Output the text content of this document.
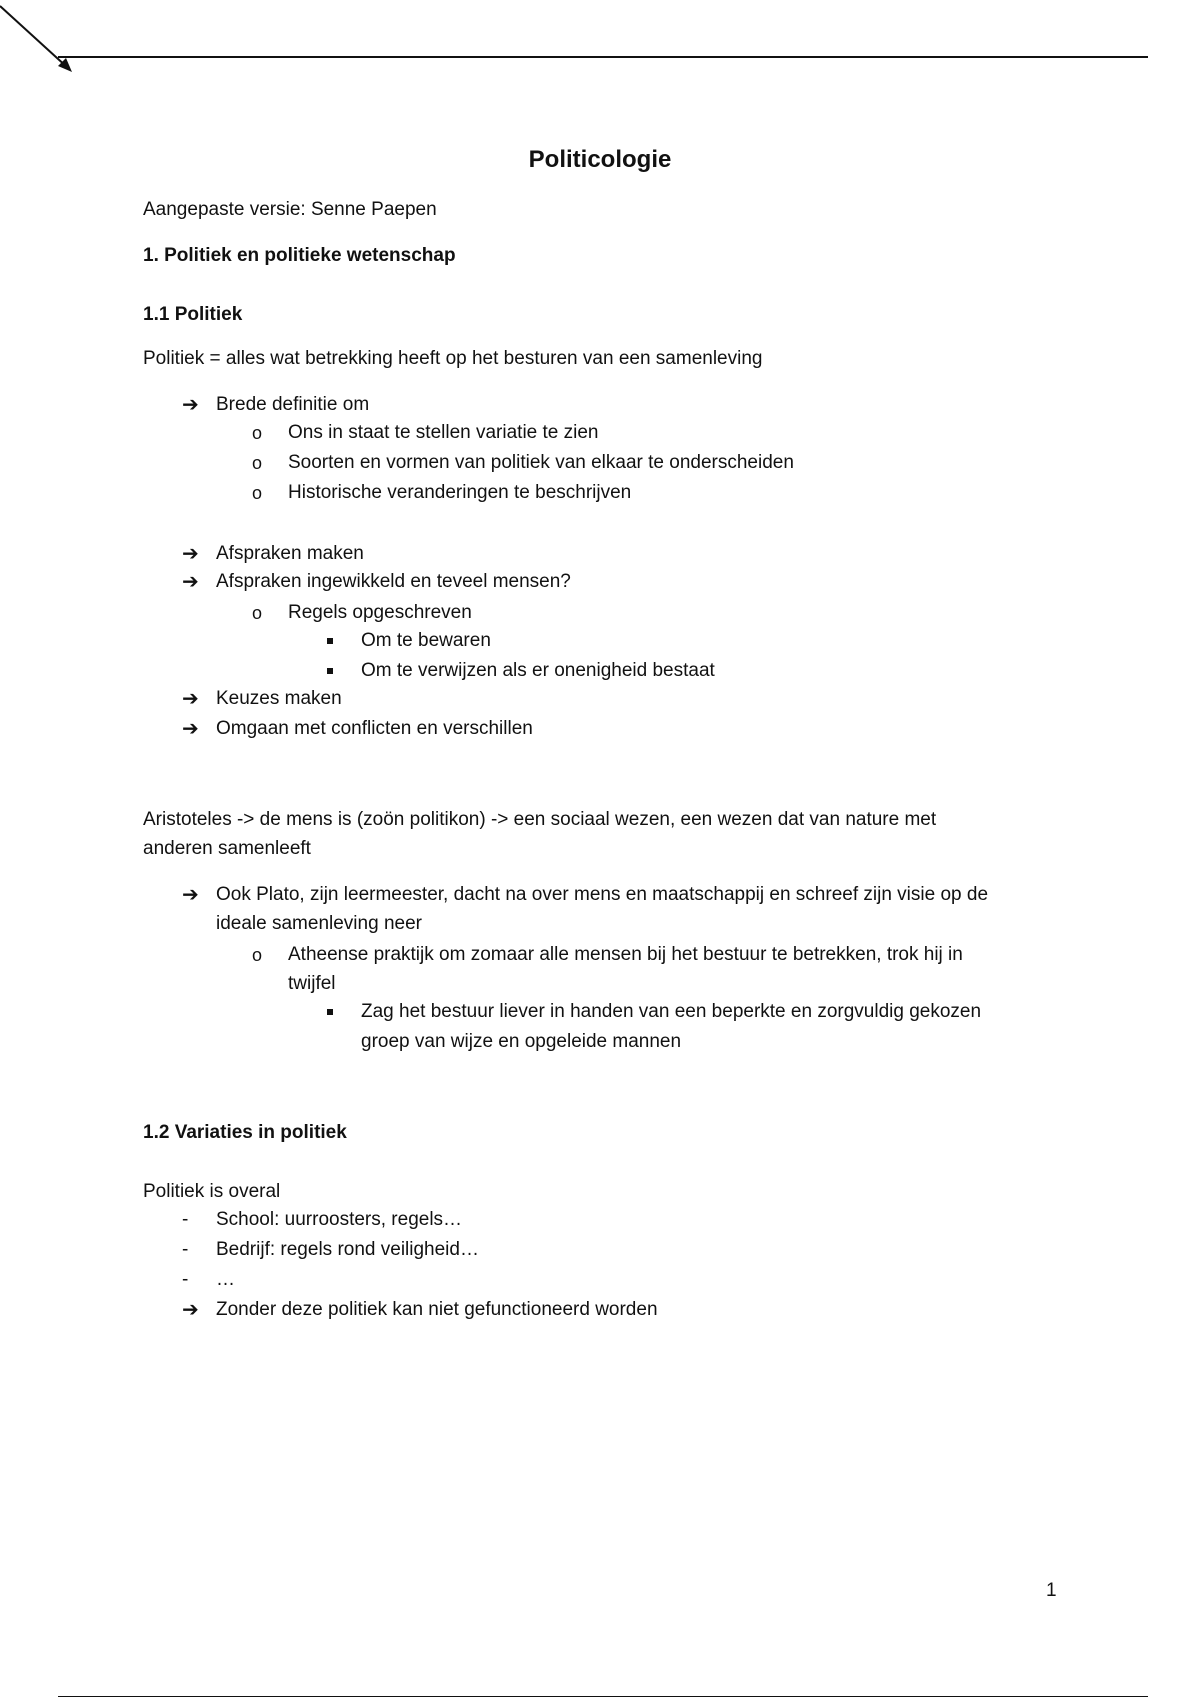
Politicologie
Aangepaste versie: Senne Paepen
1. Politiek en politieke wetenschap
1.1 Politiek
Politiek = alles wat betrekking heeft op het besturen van een samenleving
➔ Brede definitie om
o Ons in staat te stellen variatie te zien
o Soorten en vormen van politiek van elkaar te onderscheiden
o Historische veranderingen te beschrijven
➔ Afspraken maken
➔ Afspraken ingewikkeld en teveel mensen?
o Regels opgeschreven
Om te bewaren
Om te verwijzen als er onenigheid bestaat
➔ Keuzes maken
➔ Omgaan met conflicten en verschillen
Aristoteles -> de mens is (zoön politikon) -> een sociaal wezen, een wezen dat van nature met
anderen samenleeft
➔ Ook Plato, zijn leermeester, dacht na over mens en maatschappij en schreef zijn visie op de
ideale samenleving neer
o Atheense praktijk om zomaar alle mensen bij het bestuur te betrekken, trok hij in
twijfel
Zag het bestuur liever in handen van een beperkte en zorgvuldig gekozen
groep van wijze en opgeleide mannen
1.2 Variaties in politiek
Politiek is overal
- School: uurroosters, regels…
- Bedrijf: regels rond veiligheid…
- …
➔ Zonder deze politiek kan niet gefunctioneerd worden
1
